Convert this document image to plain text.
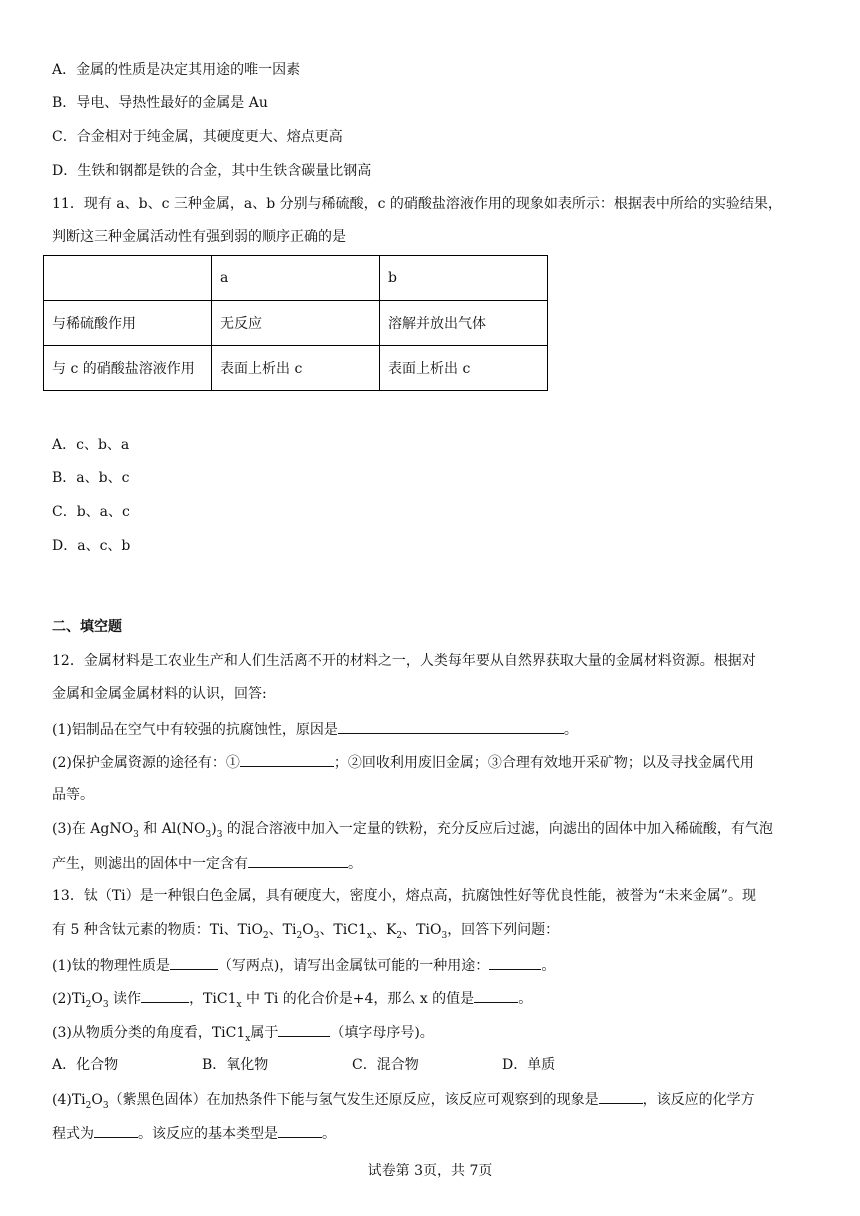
A．金属的性质是决定其用途的唯一因素
B．导电、导热性最好的金属是 Au
C．合金相对于纯金属，其硬度更大、熔点更高
D．生铁和钢都是铁的合金，其中生铁含碳量比钢高
11．现有 a、b、c 三种金属，a、b 分别与稀硫酸，c 的硝酸盐溶液作用的现象如表所示：根据表中所给的实验结果，
判断这三种金属活动性有强到弱的顺序正确的是
	a	b
与稀硫酸作用	无反应	溶解并放出气体
与 c 的硝酸盐溶液作用	表面上析出 c	表面上析出 c
A．c、b、a
B．a、b、c
C．b、a、c
D．a、c、b
二、填空题
12．金属材料是工农业生产和人们生活离不开的材料之一，人类每年要从自然界获取大量的金属材料资源。根据对
金属和金属金属材料的认识，回答:
(1)铝制品在空气中有较强的抗腐蚀性，原因是	。
(2)保护金属资源的途径有：①	；②回收利用废旧金属；③合理有效地开采矿物；以及寻找金属代用
品等。
(3)在 AgNO$_3$ 和 $Al(NO_3)_3$ 的混合溶液中加入一定量的铁粉，充分反应后过滤，向滤出的固体中加入稀硫酸，有气泡
产生，则滤出的固体中一定含有	。
13．钛（Ti）是一种银白色金属，具有硬度大，密度小，熔点高，抗腐蚀性好等优良性能，被誉为“未来金属”。现
有 5 种含钛元素的物质：Ti、TiO$_2$、$Ti_2O_3$、$TiC1_x$、$K_2$、TiO$_3$，回答下列问题：
(1)钛的物理性质是	（写两点)，请写出金属钛可能的一种用途：	。
$(2)Ti_2O_3$ 读作	，$TiC1_x$ 中 Ti 的化合价是+4，那么 x 的值是	。
(3)从物质分类的角度看，$TiC1_x$属于	（填字母序号)。
A．化合物	B．氧化物	C．混合物	D．单质
$(4)Ti_2O_3$（紫黑色固体）在加热条件下能与氢气发生还原反应，该反应可观察到的现象是	，该反应的化学方
程式为	。该反应的基本类型是	。
试卷第 3页，共 7页
